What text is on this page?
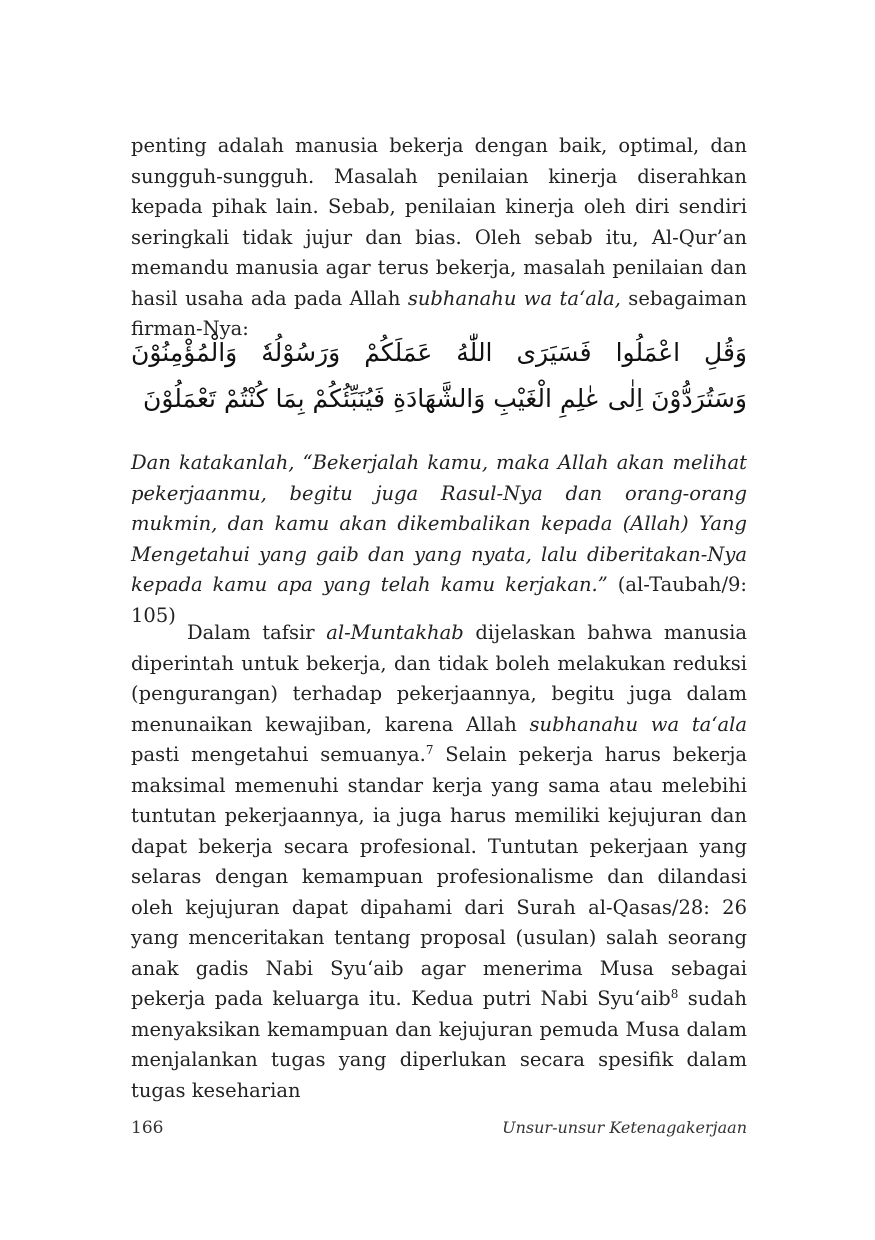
penting adalah manusia bekerja dengan baik, optimal, dan sungguh-sungguh. Masalah penilaian kinerja diserahkan kepada pihak lain. Sebab, penilaian kinerja oleh diri sendiri seringkali tidak jujur dan bias. Oleh sebab itu, Al-Qur’an memandu manusia agar terus bekerja, masalah penilaian dan hasil usaha ada pada Allah subhanahu wa ta‘ala, sebagaiman firman-Nya:

وَقُلِ اعْمَلُوا فَسَيَرَى اللّٰهُ عَمَلَكُمْ وَرَسُوْلُهٗ وَالْمُؤْمِنُوْنَ وَسَتُرَدُّوْنَ اِلٰى عٰلِمِ الْغَيْبِ وَالشَّهَادَةِ فَيُنَبِّئُكُمْ بِمَا كُنْتُمْ تَعْمَلُوْنَ

Dan katakanlah, “Bekerjalah kamu, maka Allah akan melihat pekerjaanmu, begitu juga Rasul-Nya dan orang-orang mukmin, dan kamu akan dikembalikan kepada (Allah) Yang Mengetahui yang gaib dan yang nyata, lalu diberitakan-Nya kepada kamu apa yang telah kamu kerjakan.” (al-Taubah/9: 105)

Dalam tafsir al-Muntakhab dijelaskan bahwa manusia diperintah untuk bekerja, dan tidak boleh melakukan reduksi (pengurangan) terhadap pekerjaannya, begitu juga dalam menunaikan kewajiban, karena Allah subhanahu wa ta‘ala pasti mengetahui semuanya.$^7$ Selain pekerja harus bekerja maksimal memenuhi standar kerja yang sama atau melebihi tuntutan pekerjaannya, ia juga harus memiliki kejujuran dan dapat bekerja secara profesional. Tuntutan pekerjaan yang selaras dengan kemampuan profesionalisme dan dilandasi oleh kejujuran dapat dipahami dari Surah al-Qasas/28: 26 yang menceritakan tentang proposal (usulan) salah seorang anak gadis Nabi Syu‘aib agar menerima Musa sebagai pekerja pada keluarga itu. Kedua putri Nabi Syu‘aib$^8$ sudah menyaksikan kemampuan dan kejujuran pemuda Musa dalam menjalankan tugas yang diperlukan secara spesifik dalam tugas keseharian

166	Unsur-unsur Ketenagakerjaan
